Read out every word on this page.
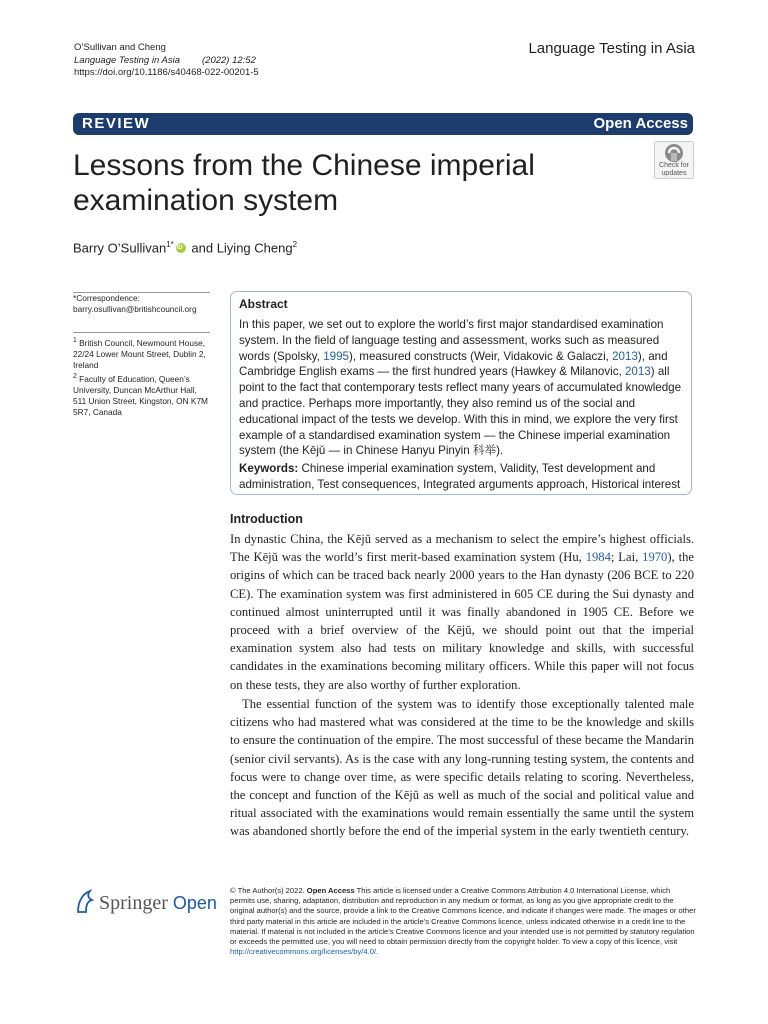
O’Sullivan and Cheng
Language Testing in Asia (2022) 12:52
https://doi.org/10.1186/s40468-022-00201-5
Language Testing in Asia
REVIEW	Open Access
Lessons from the Chinese imperial examination system
Check for
updates
Barry O’Sullivan$^{1*}$iD and Liying Cheng$^2$
*Correspondence:
barry.osullivan@britishcouncil.org
$^1$ British Council, Newmount House, 22/24 Lower Mount Street, Dublin 2, Ireland
$^2$ Faculty of Education, Queen’s University, Duncan McArthur Hall, 511 Union Street, Kingston, ON K7M 5R7, Canada
Abstract
In this paper, we set out to explore the world’s first major standardised examination system. In the field of language testing and assessment, works such as measured words (Spolsky, 1995), measured constructs (Weir, Vidakovic & Galaczi, 2013), and Cambridge English exams — the first hundred years (Hawkey & Milanovic, 2013) all point to the fact that contemporary tests reflect many years of accumulated knowledge and practice. Perhaps more importantly, they also remind us of the social and educational impact of the tests we develop. With this in mind, we explore the very first example of a standardised examination system — the Chinese imperial examination system (the Kējǔ — in Chinese Hanyu Pinyin 科举).
Keywords: Chinese imperial examination system, Validity, Test development and administration, Test consequences, Integrated arguments approach, Historical interest
Introduction
In dynastic China, the Kējǔ served as a mechanism to select the empire’s highest officials. The Kējǔ was the world’s first merit-based examination system (Hu, 1984; Lai, 1970), the origins of which can be traced back nearly 2000 years to the Han dynasty (206 BCE to 220 CE). The examination system was first administered in 605 CE during the Sui dynasty and continued almost uninterrupted until it was finally abandoned in 1905 CE. Before we proceed with a brief overview of the Kējǔ, we should point out that the imperial examination system also had tests on military knowledge and skills, with successful candidates in the examinations becoming military officers. While this paper will not focus on these tests, they are also worthy of further exploration.
The essential function of the system was to identify those exceptionally talented male citizens who had mastered what was considered at the time to be the knowledge and skills to ensure the continuation of the empire. The most successful of these became the Mandarin (senior civil servants). As is the case with any long-running testing system, the contents and focus were to change over time, as were specific details relating to scoring. Nevertheless, the concept and function of the Kējǔ as well as much of the social and political value and ritual associated with the examinations would remain essentially the same until the system was abandoned shortly before the end of the imperial system in the early twentieth century.
Springer Open
© The Author(s) 2022. Open Access This article is licensed under a Creative Commons Attribution 4.0 International License, which permits use, sharing, adaptation, distribution and reproduction in any medium or format, as long as you give appropriate credit to the original author(s) and the source, provide a link to the Creative Commons licence, and indicate if changes were made. The images or other third party material in this article are included in the article’s Creative Commons licence, unless indicated otherwise in a credit line to the material. If material is not included in the article’s Creative Commons licence and your intended use is not permitted by statutory regulation or exceeds the permitted use, you will need to obtain permission directly from the copyright holder. To view a copy of this licence, visit http://creativecommons.org/licenses/by/4.0/.
